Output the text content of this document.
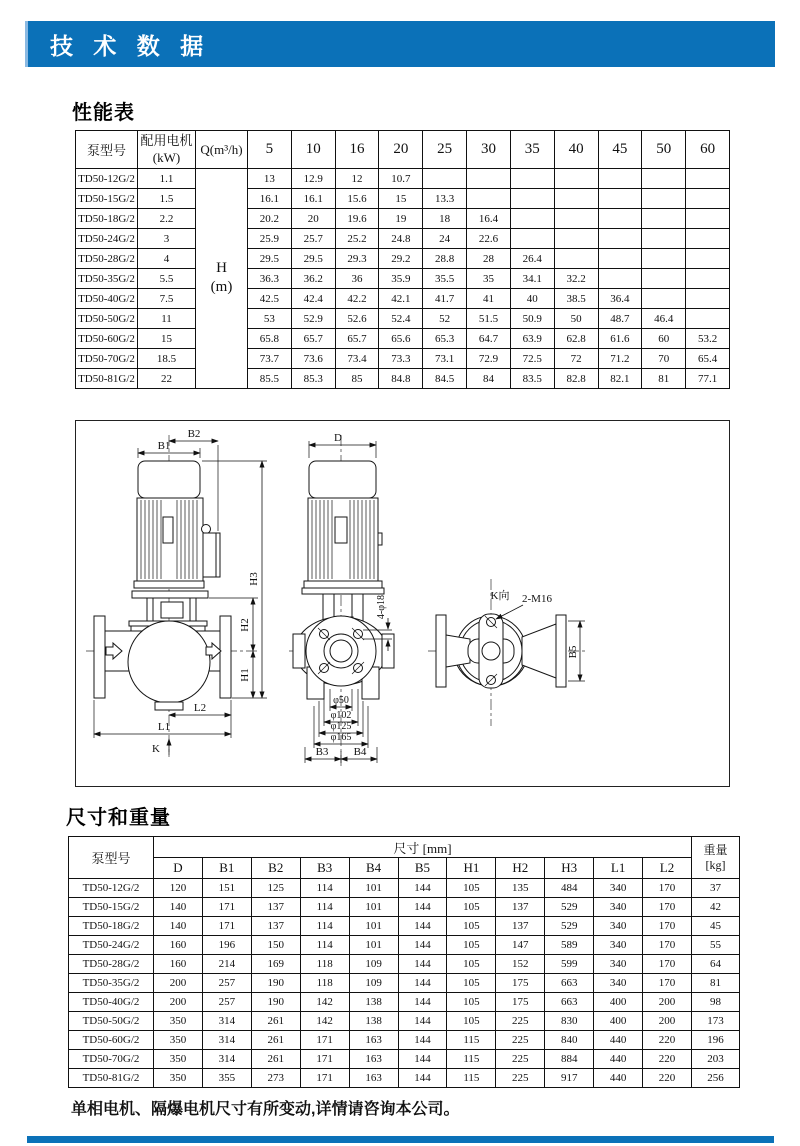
技 术 数 据
性能表
泵型号	配用电机
(kW)	Q(m³/h)	5	10	16	20	25	30	35	40	45	50	60
TD50-12G/2	1.1		13	12.9	12	10.7							
TD50-15G/2	1.5		16.1	16.1	15.6	15	13.3						
TD50-18G/2	2.2		20.2	20	19.6	19	18	16.4					
TD50-24G/2	3		25.9	25.7	25.2	24.8	24	22.6					
TD50-28G/2	4		29.5	29.5	29.3	29.2	28.8	28	26.4				
TD50-35G/2	5.5		36.3	36.2	36	35.9	35.5	35	34.1	32.2			
TD50-40G/2	7.5		42.5	42.4	42.2	42.1	41.7	41	40	38.5	36.4		
TD50-50G/2	11		53	52.9	52.6	52.4	52	51.5	50.9	50	48.7	46.4	
TD50-60G/2	15		65.8	65.7	65.7	65.6	65.3	64.7	63.9	62.8	61.6	60	53.2
TD50-70G/2	18.5		73.7	73.6	73.4	73.3	73.1	72.9	72.5	72	71.2	70	65.4
TD50-81G/2	22		85.5	85.3	85	84.8	84.5	84	83.5	82.8	82.1	81	77.1
H
(m)
B2
B1
H3
H2
H1
L2
L1
K
D
4-φ18
φ50
φ102
φ125
φ165
B3 B4
K向 2-M16
B5
尺寸和重量
泵型号	尺寸 [mm]											重量
[kg]
	D	B1	B2	B3	B4	B5	H1	H2	H3	L1	L2	
TD50-12G/2	120	151	125	114	101	144	105	135	484	340	170	37
TD50-15G/2	140	171	137	114	101	144	105	137	529	340	170	42
TD50-18G/2	140	171	137	114	101	144	105	137	529	340	170	45
TD50-24G/2	160	196	150	114	101	144	105	147	589	340	170	55
TD50-28G/2	160	214	169	118	109	144	105	152	599	340	170	64
TD50-35G/2	200	257	190	118	109	144	105	175	663	340	170	81
TD50-40G/2	200	257	190	142	138	144	105	175	663	400	200	98
TD50-50G/2	350	314	261	142	138	144	105	225	830	400	200	173
TD50-60G/2	350	314	261	171	163	144	115	225	840	440	220	196
TD50-70G/2	350	314	261	171	163	144	115	225	884	440	220	203
TD50-81G/2	350	355	273	171	163	144	115	225	917	440	220	256

单相电机、隔爆电机尺寸有所变动,详情请咨询本公司。
